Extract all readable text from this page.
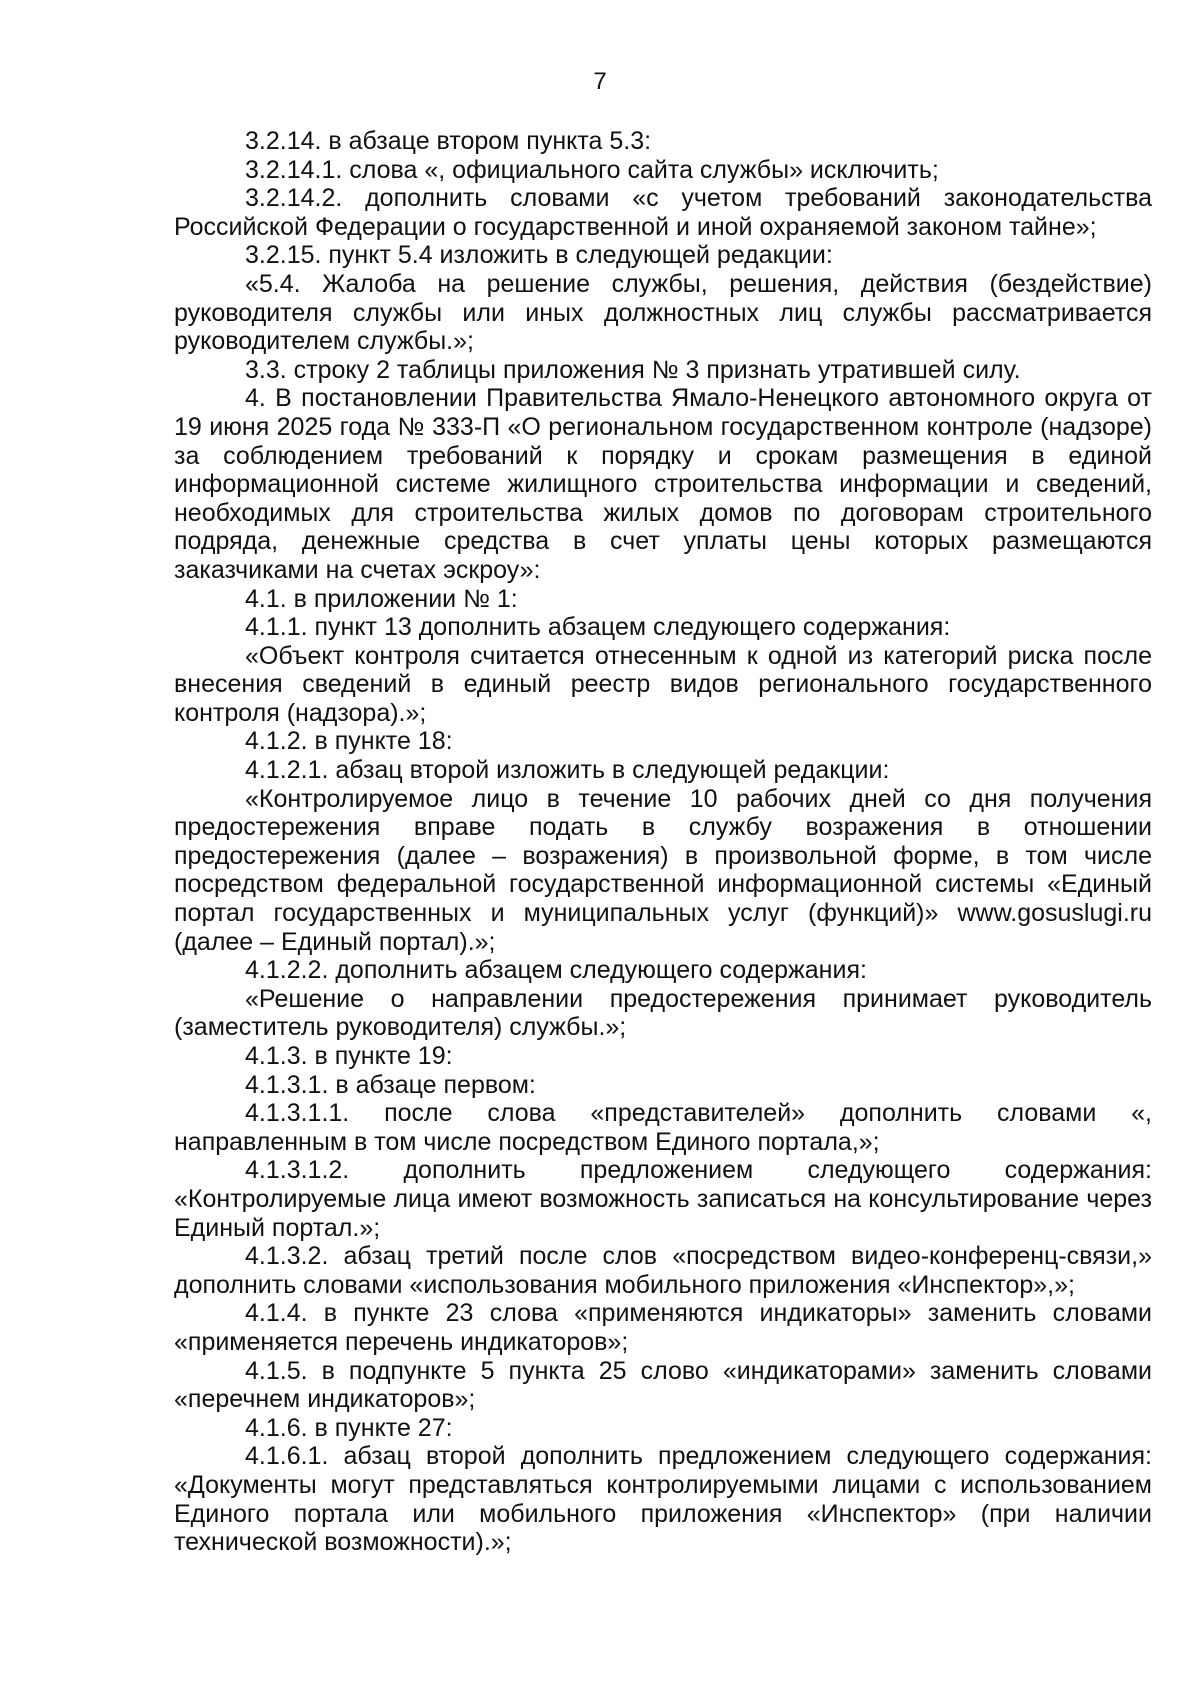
7

3.2.14. в абзаце втором пункта 5.3:

3.2.14.1. слова «, официального сайта службы» исключить;

3.2.14.2. дополнить словами «с учетом требований законодательства Российской Федерации о государственной и иной охраняемой законом тайне»;

3.2.15. пункт 5.4 изложить в следующей редакции:

«5.4. Жалоба на решение службы, решения, действия (бездействие) руководителя службы или иных должностных лиц службы рассматривается руководителем службы.»;

3.3. строку 2 таблицы приложения № 3 признать утратившей силу.

4. В постановлении Правительства Ямало-Ненецкого автономного округа от 19 июня 2025 года № 333-П «О региональном государственном контроле (надзоре) за соблюдением требований к порядку и срокам размещения в единой информационной системе жилищного строительства информации и сведений, необходимых для строительства жилых домов по договорам строительного подряда, денежные средства в счет уплаты цены которых размещаются заказчиками на счетах эскроу»:

4.1. в приложении № 1:

4.1.1. пункт 13 дополнить абзацем следующего содержания:

«Объект контроля считается отнесенным к одной из категорий риска после внесения сведений в единый реестр видов регионального государственного контроля (надзора).»;

4.1.2. в пункте 18:

4.1.2.1. абзац второй изложить в следующей редакции:

«Контролируемое лицо в течение 10 рабочих дней со дня получения предостережения вправе подать в службу возражения в отношении предостережения (далее – возражения) в произвольной форме, в том числе посредством федеральной государственной информационной системы «Единый портал государственных и муниципальных услуг (функций)» www.gosuslugi.ru (далее – Единый портал).»;

4.1.2.2. дополнить абзацем следующего содержания:

«Решение о направлении предостережения принимает руководитель (заместитель руководителя) службы.»;

4.1.3. в пункте 19:

4.1.3.1. в абзаце первом:

4.1.3.1.1. после слова «представителей» дополнить словами «, направленным в том числе посредством Единого портала,»;

4.1.3.1.2. дополнить предложением следующего содержания: «Контролируемые лица имеют возможность записаться на консультирование через Единый портал.»;

4.1.3.2. абзац третий после слов «посредством видео-конференц-связи,» дополнить словами «использования мобильного приложения «Инспектор»,»;

4.1.4. в пункте 23 слова «применяются индикаторы» заменить словами «применяется перечень индикаторов»;

4.1.5. в подпункте 5 пункта 25 слово «индикаторами» заменить словами «перечнем индикаторов»;

4.1.6. в пункте 27:

4.1.6.1. абзац второй дополнить предложением следующего содержания: «Документы могут представляться контролируемыми лицами с использованием Единого портала или мобильного приложения «Инспектор» (при наличии технической возможности).»;
